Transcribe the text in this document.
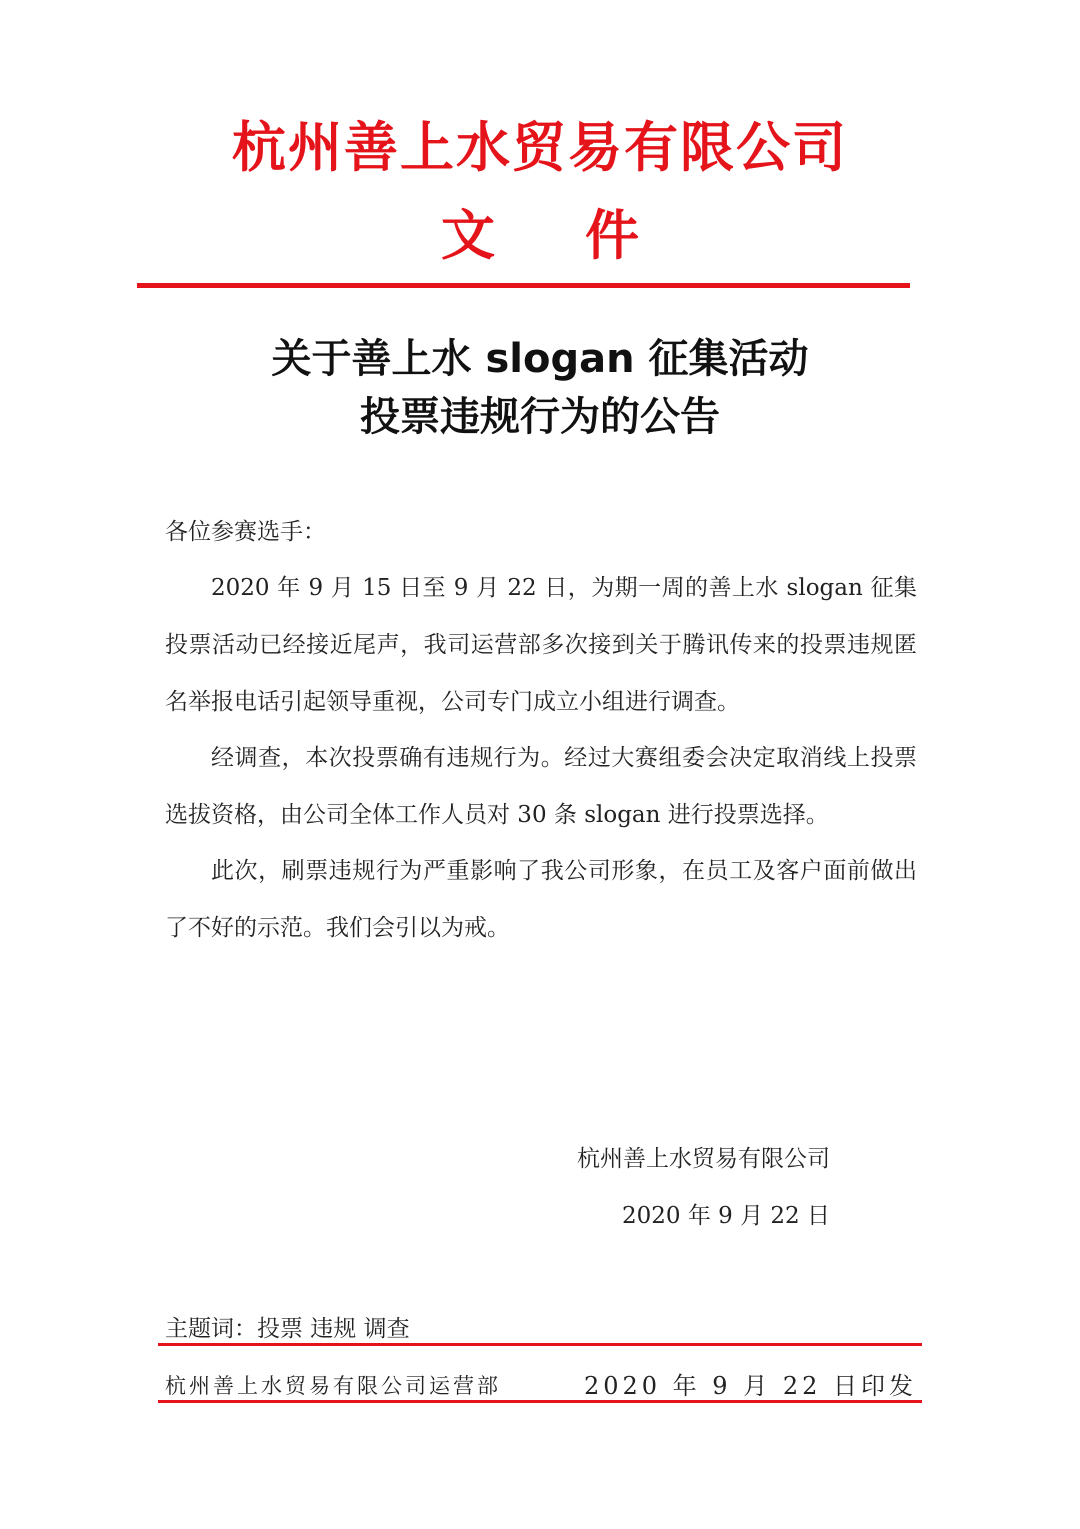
杭州善上水贸易有限公司
文 件
关于善上水 slogan 征集活动
投票违规行为的公告
各位参赛选手：
2020 年 9 月 15 日至 9 月 22 日，为期一周的善上水 slogan 征集投票活动已经接近尾声，我司运营部多次接到关于腾讯传来的投票违规匿名举报电话引起领导重视，公司专门成立小组进行调查。
经调查，本次投票确有违规行为。经过大赛组委会决定取消线上投票选拔资格，由公司全体工作人员对 30 条 slogan 进行投票选择。
此次，刷票违规行为严重影响了我公司形象，在员工及客户面前做出了不好的示范。我们会引以为戒。
杭州善上水贸易有限公司
2020 年 9 月 22 日
主题词：投票 违规 调查
杭州善上水贸易有限公司运营部	2020 年 9 月 22 日印发
